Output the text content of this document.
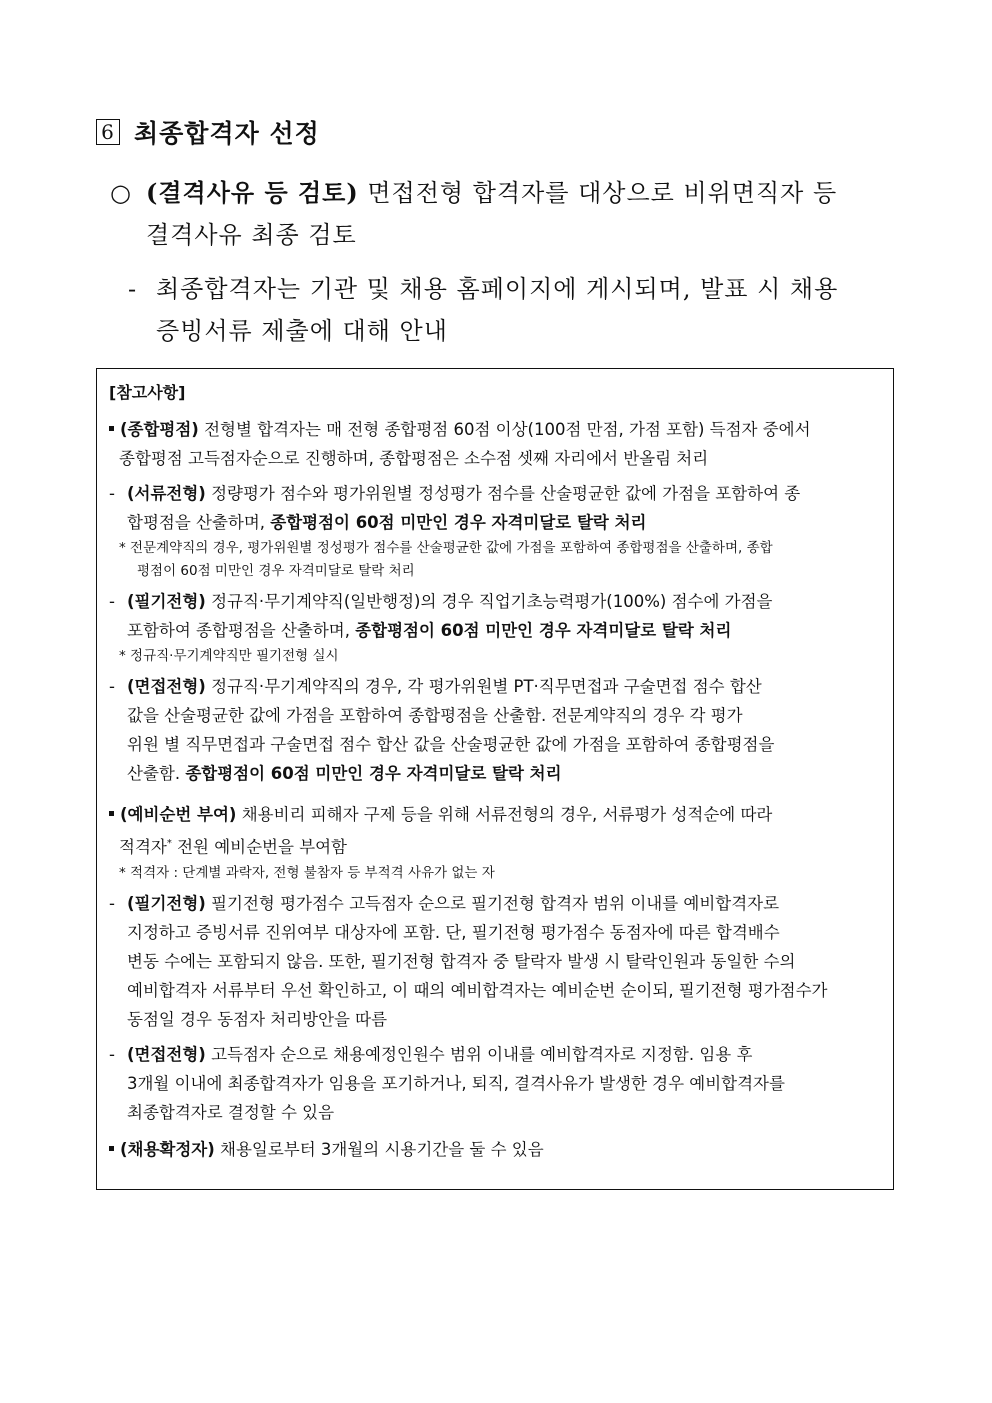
6 최종합격자 선정
○ (결격사유 등 검토) 면접전형 합격자를 대상으로 비위면직자 등
결격사유 최종 검토
- 최종합격자는 기관 및 채용 홈페이지에 게시되며, 발표 시 채용
증빙서류 제출에 대해 안내
[참고사항]
(종합평점) 전형별 합격자는 매 전형 종합평점 60점 이상(100점 만점, 가점 포함) 득점자 중에서
종합평점 고득점자순으로 진행하며, 종합평점은 소수점 셋째 자리에서 반올림 처리
- (서류전형) 정량평가 점수와 평가위원별 정성평가 점수를 산술평균한 값에 가점을 포함하여 종
합평점을 산출하며, 종합평점이 60점 미만인 경우 자격미달로 탈락 처리
* 전문계약직의 경우, 평가위원별 정성평가 점수를 산술평균한 값에 가점을 포함하여 종합평점을 산출하며, 종합
평점이 60점 미만인 경우 자격미달로 탈락 처리
- (필기전형) 정규직·무기계약직(일반행정)의 경우 직업기초능력평가(100%) 점수에 가점을
포함하여 종합평점을 산출하며, 종합평점이 60점 미만인 경우 자격미달로 탈락 처리
* 정규직·무기계약직만 필기전형 실시
- (면접전형) 정규직·무기계약직의 경우, 각 평가위원별 PT·직무면접과 구술면접 점수 합산
값을 산술평균한 값에 가점을 포함하여 종합평점을 산출함. 전문계약직의 경우 각 평가
위원 별 직무면접과 구술면접 점수 합산 값을 산술평균한 값에 가점을 포함하여 종합평점을
산출함. 종합평점이 60점 미만인 경우 자격미달로 탈락 처리
(예비순번 부여) 채용비리 피해자 구제 등을 위해 서류전형의 경우, 서류평가 성적순에 따라
적격자* 전원 예비순번을 부여함
* 적격자 : 단계별 과락자, 전형 불참자 등 부적격 사유가 없는 자
- (필기전형) 필기전형 평가점수 고득점자 순으로 필기전형 합격자 범위 이내를 예비합격자로
지정하고 증빙서류 진위여부 대상자에 포함. 단, 필기전형 평가점수 동점자에 따른 합격배수
변동 수에는 포함되지 않음. 또한, 필기전형 합격자 중 탈락자 발생 시 탈락인원과 동일한 수의
예비합격자 서류부터 우선 확인하고, 이 때의 예비합격자는 예비순번 순이되, 필기전형 평가점수가
동점일 경우 동점자 처리방안을 따름
- (면접전형) 고득점자 순으로 채용예정인원수 범위 이내를 예비합격자로 지정함. 임용 후
3개월 이내에 최종합격자가 임용을 포기하거나, 퇴직, 결격사유가 발생한 경우 예비합격자를
최종합격자로 결정할 수 있음
(채용확정자) 채용일로부터 3개월의 시용기간을 둘 수 있음
